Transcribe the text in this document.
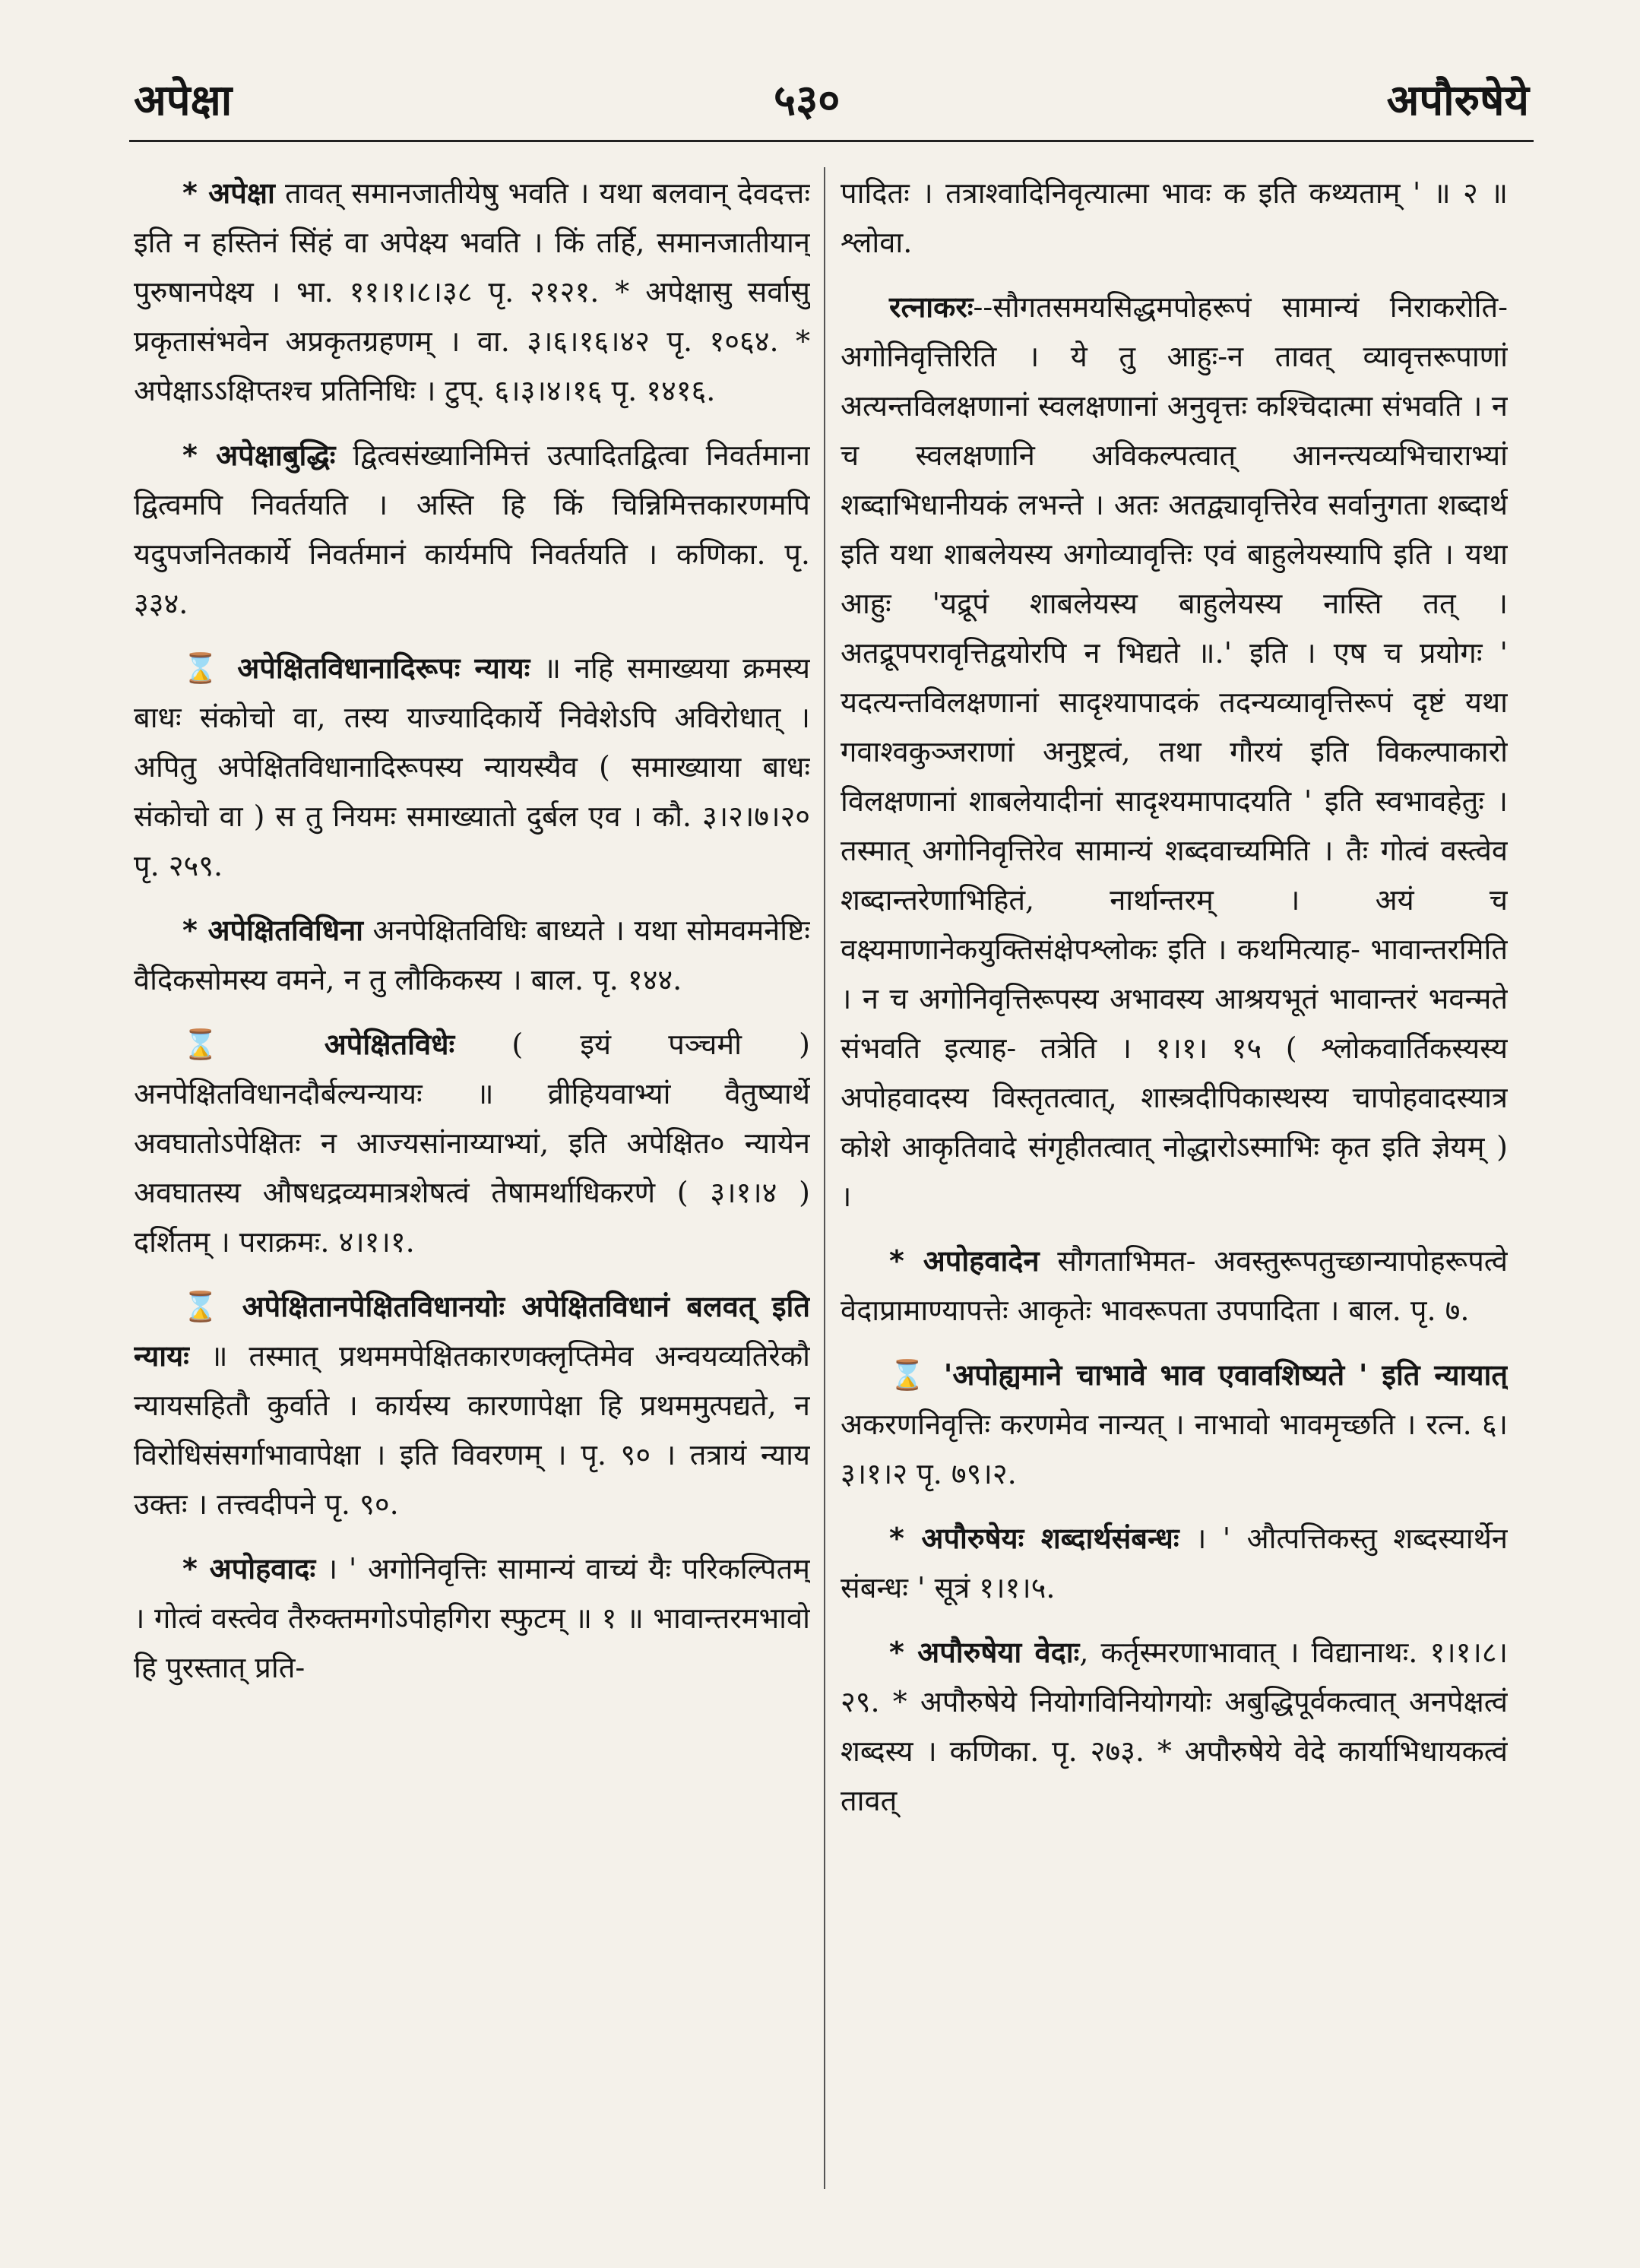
अपेक्षा	५३०	अपौरुषेये

* अपेक्षा तावत् समानजातीयेषु भवति । यथा बलवान् देवदत्तः इति न हस्तिनं सिंहं वा अपेक्ष्य भवति । किं तर्हि, समानजातीयान् पुरुषानपेक्ष्य । भा. ११।१।८।३८ पृ. २१२१. * अपेक्षासु सर्वासु प्रकृतासंभवेन अप्रकृतग्रहणम् । वा. ३।६।१६।४२ पृ. १०६४. * अपेक्षाऽऽक्षिप्तश्च प्रतिनिधिः । टुप्. ६।३।४।१६ पृ. १४१६.

* अपेक्षाबुद्धिः द्वित्वसंख्यानिमित्तं उत्पादितद्वित्वा निवर्तमाना द्वित्वमपि निवर्तयति । अस्ति हि किं चिन्निमित्तकारणमपि यदुपजनितकार्ये निवर्तमानं कार्यमपि निवर्तयति । कणिका. पृ. ३३४.

⌛ अपेक्षितविधानादिरूपः न्यायः ॥ नहि समाख्यया क्रमस्य बाधः संकोचो वा, तस्य याज्यादिकार्ये निवेशेऽपि अविरोधात् । अपितु अपेक्षितविधानादिरूपस्य न्यायस्यैव ( समाख्याया बाधः संकोचो वा ) स तु नियमः समाख्यातो दुर्बल एव । कौ. ३।२।७।२० पृ. २५९.

* अपेक्षितविधिना अनपेक्षितविधिः बाध्यते । यथा सोमवमनेष्टिः वैदिकसोमस्य वमने, न तु लौकिकस्य । बाल. पृ. १४४.

⌛ अपेक्षितविधेः ( इयं पञ्चमी ) अनपेक्षितविधानदौर्बल्यन्यायः ॥ व्रीहियवाभ्यां वैतुष्यार्थे अवघातोऽपेक्षितः न आज्यसांनाय्याभ्यां, इति अपेक्षित० न्यायेन अवघातस्य औषधद्रव्यमात्रशेषत्वं तेषामर्थाधिकरणे ( ३।१।४ ) दर्शितम् । पराक्रमः. ४।१।१.

⌛ अपेक्षितानपेक्षितविधानयोः अपेक्षितविधानं बलवत् इति न्यायः ॥ तस्मात् प्रथममपेक्षितकारणक्लृप्तिमेव अन्वयव्यतिरेकौ न्यायसहितौ कुर्वाते । कार्यस्य कारणापेक्षा हि प्रथममुत्पद्यते, न विरोधिसंसर्गाभावापेक्षा । इति विवरणम् । पृ. ९० । तत्रायं न्याय उक्तः । तत्त्वदीपने पृ. ९०.

* अपोहवादः । ' अगोनिवृत्तिः सामान्यं वाच्यं यैः परिकल्पितम् । गोत्वं वस्त्वेव तैरुक्तमगोऽपोहगिरा स्फुटम् ॥ १ ॥ भावान्तरमभावो हि पुरस्तात् प्रति-

पादितः । तत्राश्वादिनिवृत्यात्मा भावः क इति कथ्यताम् ' ॥ २ ॥ श्लोवा.

रत्नाकरः--सौगतसमयसिद्धमपोहरूपं सामान्यं निराकरोति- अगोनिवृत्तिरिति । ये तु आहुः-न तावत् व्यावृत्तरूपाणां अत्यन्तविलक्षणानां स्वलक्षणानां अनुवृत्तः कश्चिदात्मा संभवति । न च स्वलक्षणानि अविकल्पत्वात् आनन्त्यव्यभिचाराभ्यां शब्दाभिधानीयकं लभन्ते । अतः अतद्व्यावृत्तिरेव सर्वानुगता शब्दार्थ इति यथा शाबलेयस्य अगोव्यावृत्तिः एवं बाहुलेयस्यापि इति । यथा आहुः 'यद्रूपं शाबलेयस्य बाहुलेयस्य नास्ति तत् । अतद्रूपपरावृत्तिद्वयोरपि न भिद्यते ॥.' इति । एष च प्रयोगः ' यदत्यन्तविलक्षणानां सादृश्यापादकं तदन्यव्यावृत्तिरूपं दृष्टं यथा गवाश्वकुञ्जराणां अनुष्ट्रत्वं, तथा गौरयं इति विकल्पाकारो विलक्षणानां शाबलेयादीनां सादृश्यमापादयति ' इति स्वभावहेतुः । तस्मात् अगोनिवृत्तिरेव सामान्यं शब्दवाच्यमिति । तैः गोत्वं वस्त्वेव शब्दान्तरेणाभिहितं, नार्थान्तरम् । अयं च वक्ष्यमाणानेकयुक्तिसंक्षेपश्लोकः इति । कथमित्याह- भावान्तरमिति । न च अगोनिवृत्तिरूपस्य अभावस्य आश्रयभूतं भावान्तरं भवन्मते संभवति इत्याह- तत्रेति । १।१। १५ ( श्लोकवार्तिकस्यस्य अपोहवादस्य विस्तृतत्वात्, शास्त्रदीपिकास्थस्य चापोहवादस्यात्र कोशे आकृतिवादे संगृहीतत्वात् नोद्धारोऽस्माभिः कृत इति ज्ञेयम् ) ।

* अपोहवादेन सौगताभिमत- अवस्तुरूपतुच्छान्यापोहरूपत्वे वेदाप्रामाण्यापत्तेः आकृतेः भावरूपता उपपादिता । बाल. पृ. ७.

⌛ 'अपोह्यमाने चाभावे भाव एवावशिष्यते ' इति न्यायात् अकरणनिवृत्तिः करणमेव नान्यत् । नाभावो भावमृच्छति । रत्न. ६।३।१।२ पृ. ७९।२.

* अपौरुषेयः शब्दार्थसंबन्धः । ' औत्पत्तिकस्तु शब्दस्यार्थेन संबन्धः ' सूत्रं १।१।५.

* अपौरुषेया वेदाः, कर्तृस्मरणाभावात् । विद्यानाथः. १।१।८।२९. * अपौरुषेये नियोगविनियोगयोः अबुद्धिपूर्वकत्वात् अनपेक्षत्वं शब्दस्य । कणिका. पृ. २७३. * अपौरुषेये वेदे कार्याभिधायकत्वं तावत्
